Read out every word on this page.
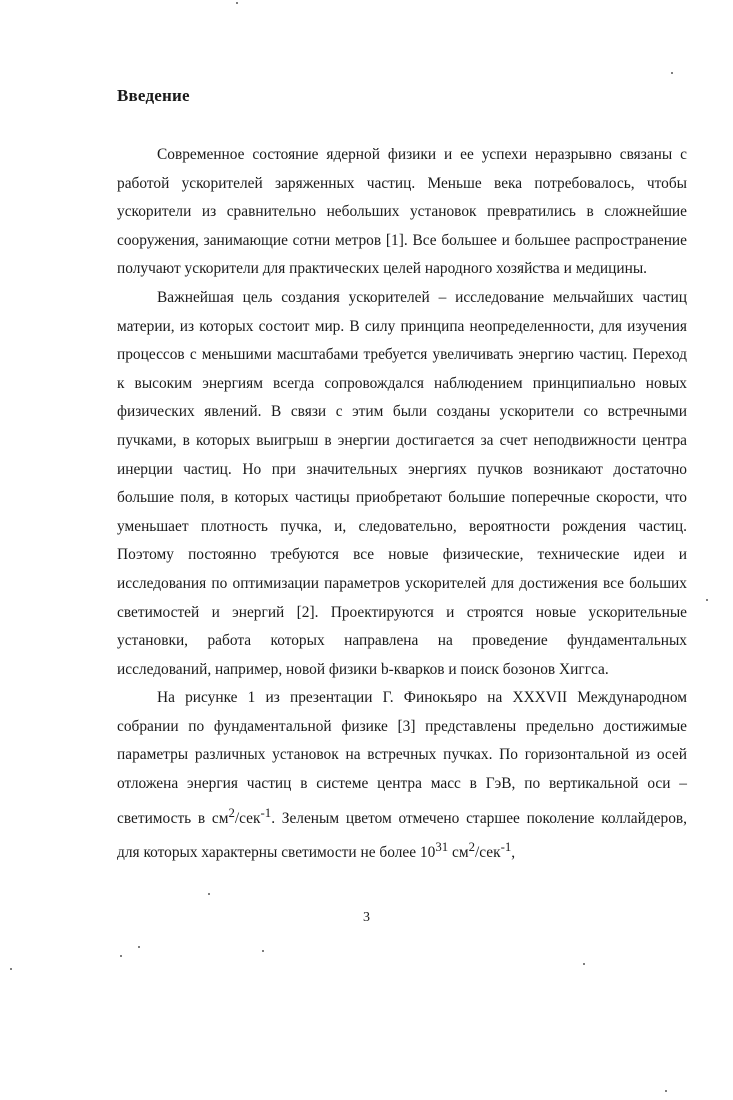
Введение

Современное состояние ядерной физики и ее успехи неразрывно связаны с работой ускорителей заряженных частиц. Меньше века потребовалось, чтобы ускорители из сравнительно небольших установок превратились в сложнейшие сооружения, занимающие сотни метров [1]. Все большее и большее распространение получают ускорители для практических целей народного хозяйства и медицины.

Важнейшая цель создания ускорителей – исследование мельчайших частиц материи, из которых состоит мир. В силу принципа неопределенности, для изучения процессов с меньшими масштабами требуется увеличивать энергию частиц. Переход к высоким энергиям всегда сопровождался наблюдением принципиально новых физических явлений. В связи с этим были созданы ускорители со встречными пучками, в которых выигрыш в энергии достигается за счет неподвижности центра инерции частиц. Но при значительных энергиях пучков возникают достаточно большие поля, в которых частицы приобретают большие поперечные скорости, что уменьшает плотность пучка, и, следовательно, вероятности рождения частиц. Поэтому постоянно требуются все новые физические, технические идеи и исследования по оптимизации параметров ускорителей для достижения все больших светимостей и энергий [2]. Проектируются и строятся новые ускорительные установки, работа которых направлена на проведение фундаментальных исследований, например, новой физики b-кварков и поиск бозонов Хиггса.

На рисунке 1 из презентации Г. Финокьяро на XXXVII Международном собрании по фундаментальной физике [3] представлены предельно достижимые параметры различных установок на встречных пучках. По горизонтальной из осей отложена энергия частиц в системе центра масс в ГэВ, по вертикальной оси – светимость в $см^2/сек^{-1}$. Зеленым цветом отмечено старшее поколение коллайдеров, для которых характерны светимости не более $10^{31}$ $см^2/сек^{-1}$,

3
